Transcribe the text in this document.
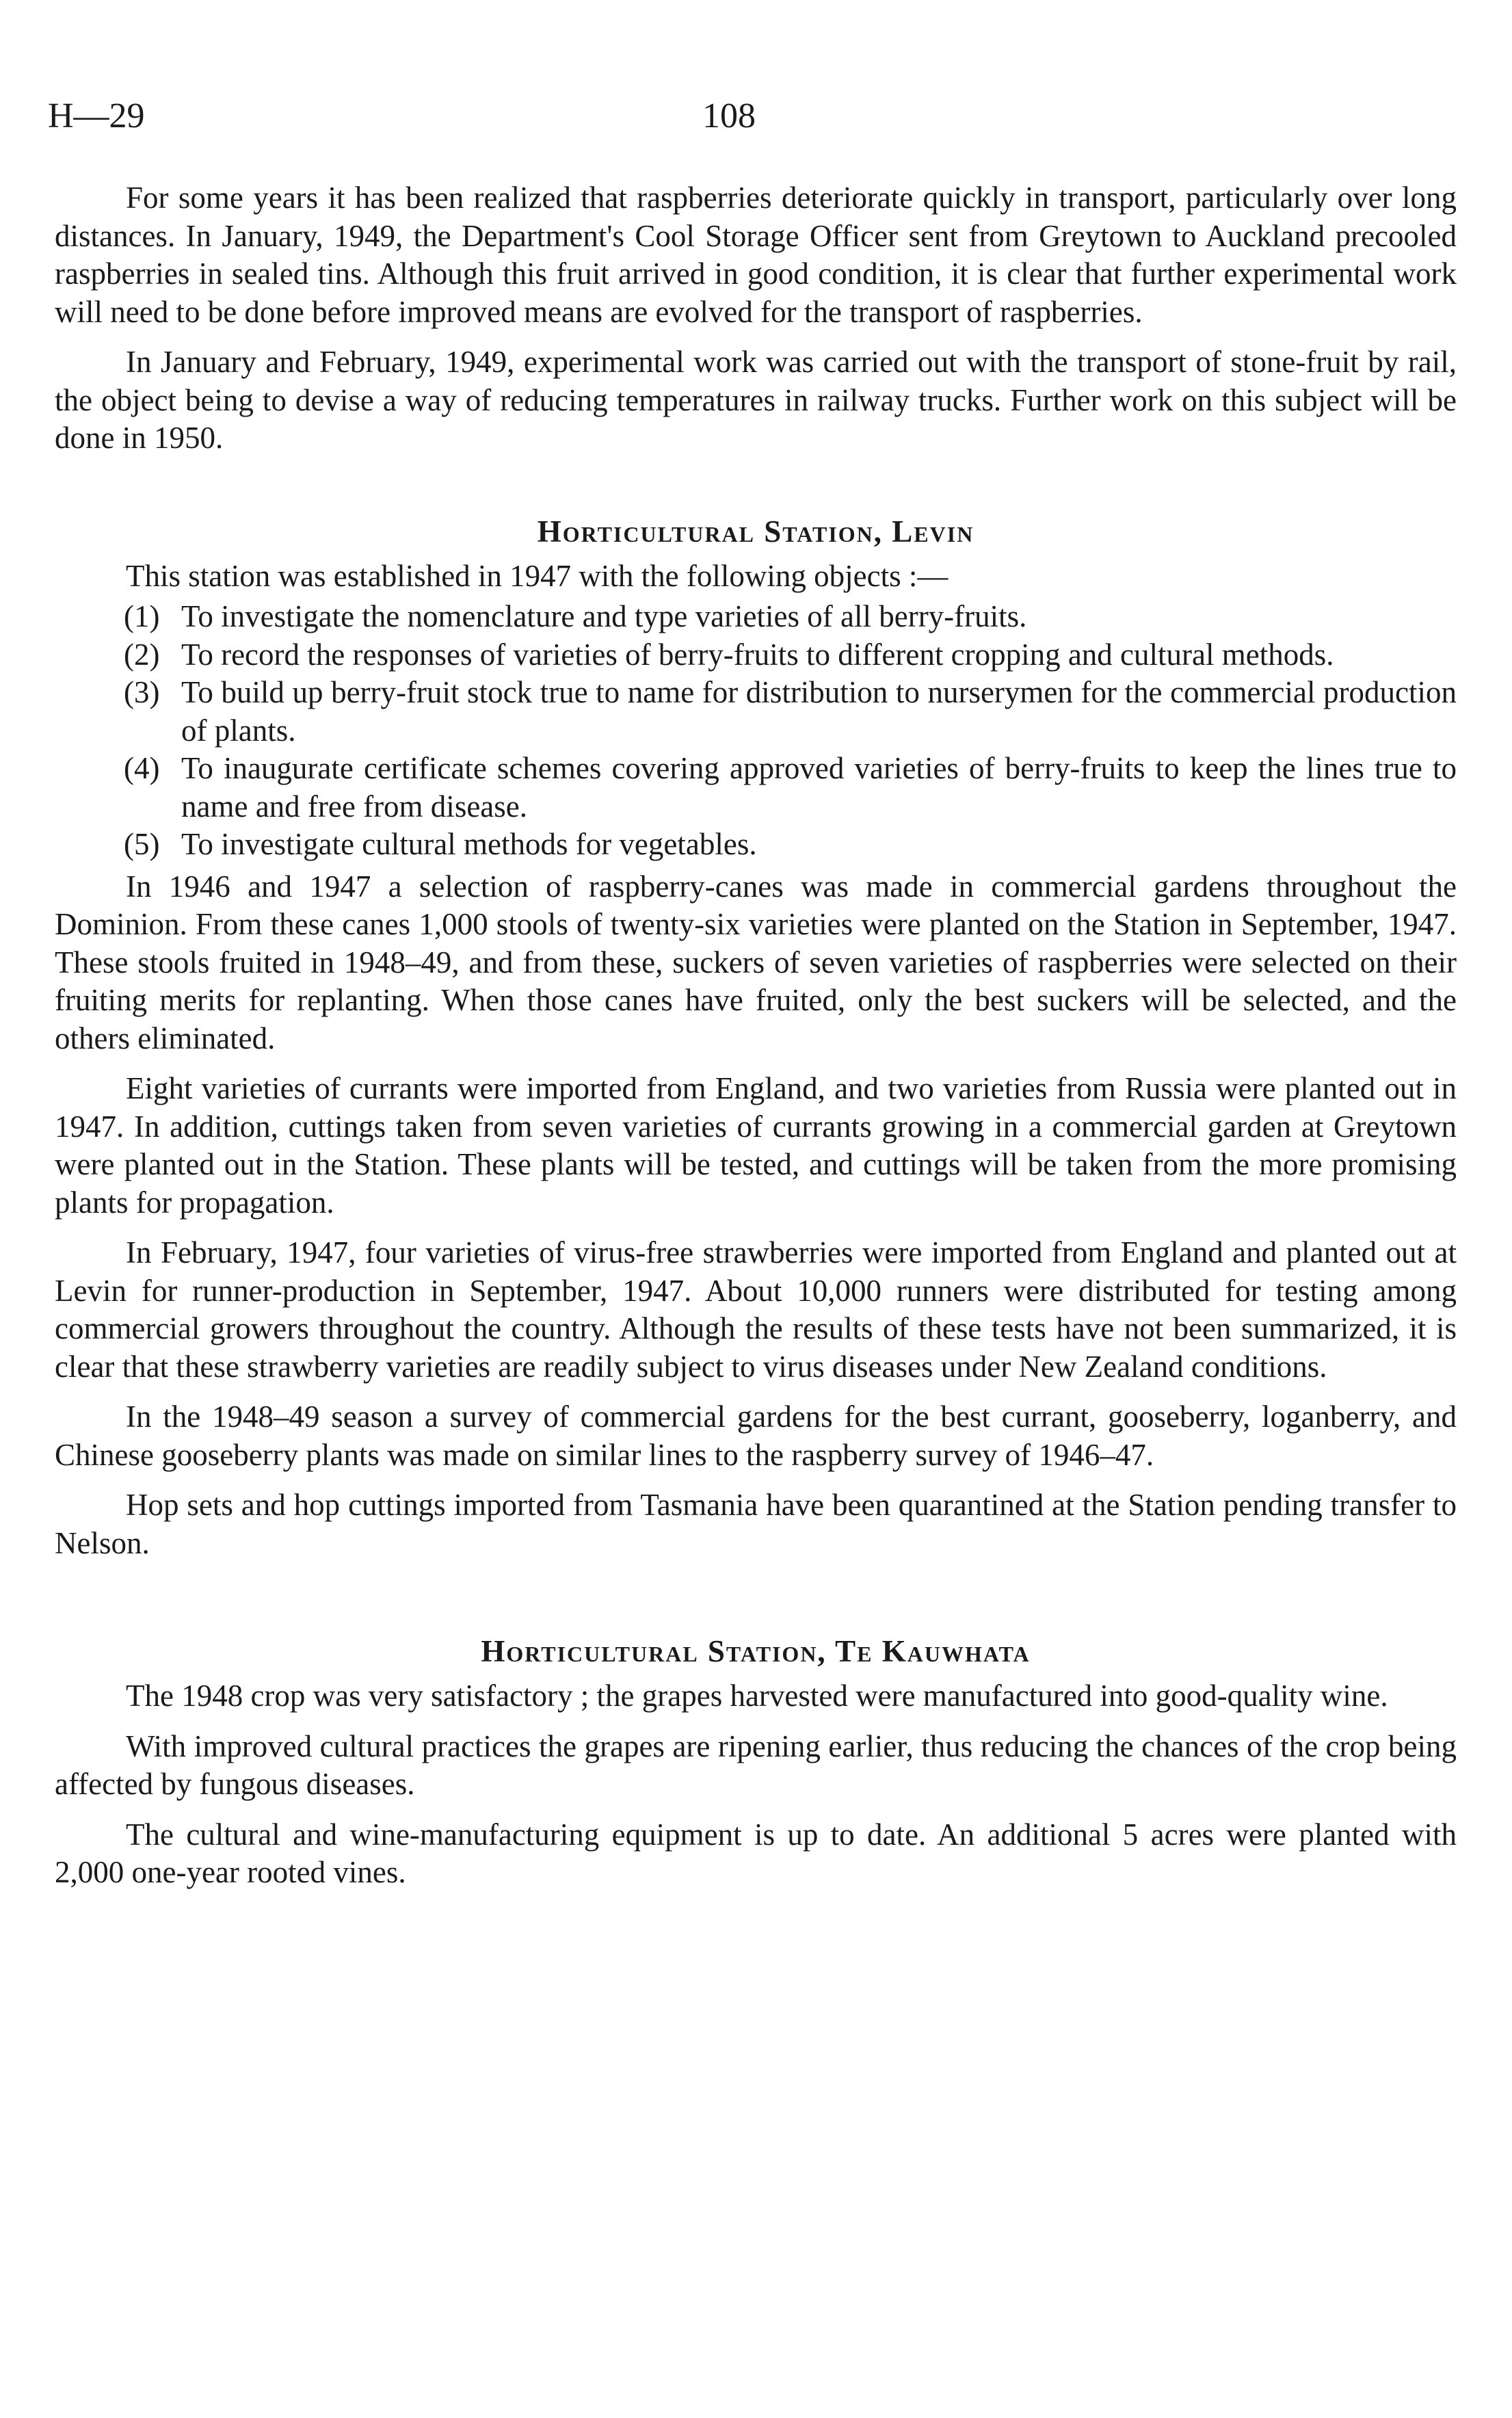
H—29	108

For some years it has been realized that raspberries deteriorate quickly in transport, particularly over long distances. In January, 1949, the Department's Cool Storage Officer sent from Greytown to Auckland precooled raspberries in sealed tins. Although this fruit arrived in good condition, it is clear that further experimental work will need to be done before improved means are evolved for the transport of raspberries.

In January and February, 1949, experimental work was carried out with the transport of stone-fruit by rail, the object being to devise a way of reducing temperatures in railway trucks. Further work on this subject will be done in 1950.

Horticultural Station, Levin

This station was established in 1947 with the following objects :—

(1) To investigate the nomenclature and type varieties of all berry-fruits.
(2) To record the responses of varieties of berry-fruits to different cropping and cultural methods.
(3) To build up berry-fruit stock true to name for distribution to nurserymen for the commercial production of plants.
(4) To inaugurate certificate schemes covering approved varieties of berry-fruits to keep the lines true to name and free from disease.
(5) To investigate cultural methods for vegetables.

In 1946 and 1947 a selection of raspberry-canes was made in commercial gardens throughout the Dominion. From these canes 1,000 stools of twenty-six varieties were planted on the Station in September, 1947. These stools fruited in 1948–49, and from these, suckers of seven varieties of raspberries were selected on their fruiting merits for replanting. When those canes have fruited, only the best suckers will be selected, and the others eliminated.

Eight varieties of currants were imported from England, and two varieties from Russia were planted out in 1947. In addition, cuttings taken from seven varieties of currants growing in a commercial garden at Greytown were planted out in the Station. These plants will be tested, and cuttings will be taken from the more promising plants for propagation.

In February, 1947, four varieties of virus-free strawberries were imported from England and planted out at Levin for runner-production in September, 1947. About 10,000 runners were distributed for testing among commercial growers throughout the country. Although the results of these tests have not been summarized, it is clear that these strawberry varieties are readily subject to virus diseases under New Zealand conditions.

In the 1948–49 season a survey of commercial gardens for the best currant, gooseberry, loganberry, and Chinese gooseberry plants was made on similar lines to the raspberry survey of 1946–47.

Hop sets and hop cuttings imported from Tasmania have been quarantined at the Station pending transfer to Nelson.

Horticultural Station, Te Kauwhata

The 1948 crop was very satisfactory ; the grapes harvested were manufactured into good-quality wine.

With improved cultural practices the grapes are ripening earlier, thus reducing the chances of the crop being affected by fungous diseases.

The cultural and wine-manufacturing equipment is up to date. An additional 5 acres were planted with 2,000 one-year rooted vines.
